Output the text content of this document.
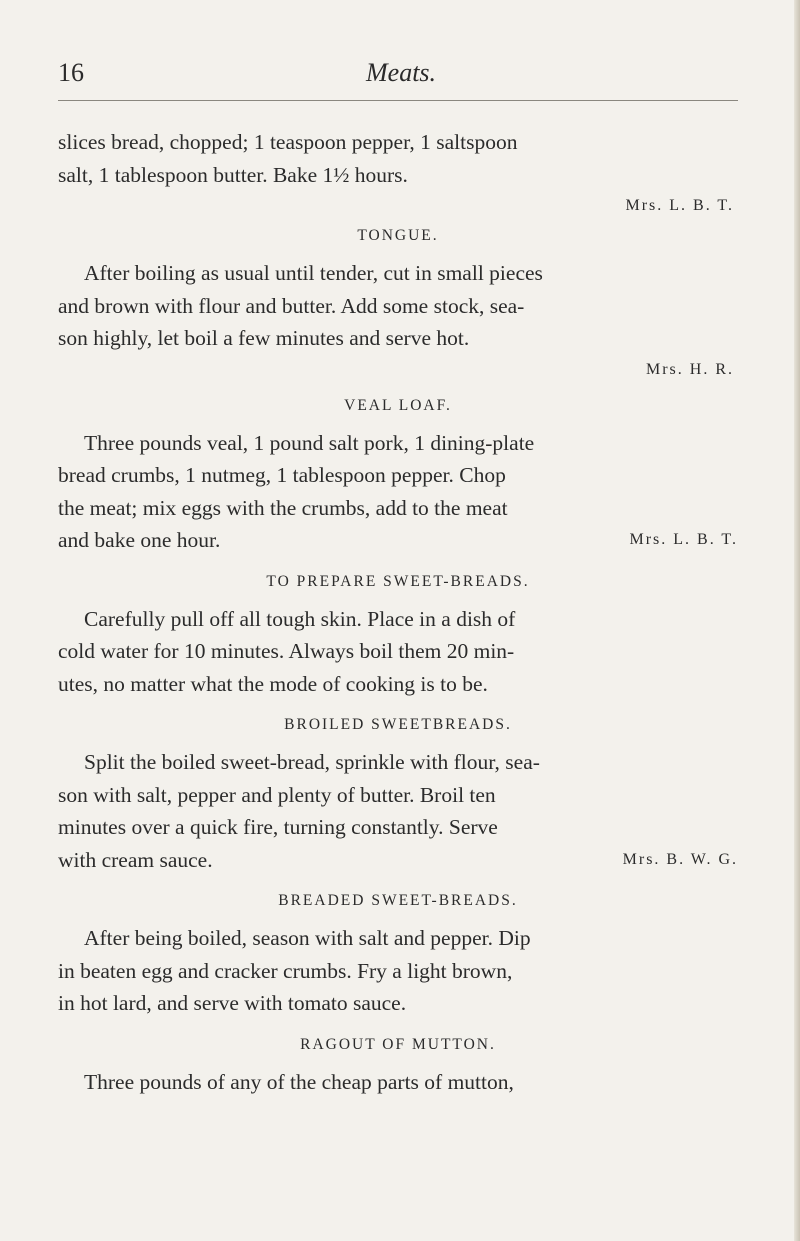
16	Meats.

slices bread, chopped; 1 teaspoon pepper, 1 saltspoon

salt, 1 tablespoon butter. Bake 1½ hours.

Mrs. L. B. T.

TONGUE.

After boiling as usual until tender, cut in small pieces

and brown with flour and butter. Add some stock, sea-

son highly, let boil a few minutes and serve hot.

Mrs. H. R.

VEAL LOAF.

Three pounds veal, 1 pound salt pork, 1 dining-plate

bread crumbs, 1 nutmeg, 1 tablespoon pepper. Chop

the meat; mix eggs with the crumbs, add to the meat

and bake one hour.	Mrs. L. B. T.

TO PREPARE SWEET-BREADS.

Carefully pull off all tough skin. Place in a dish of

cold water for 10 minutes. Always boil them 20 min-

utes, no matter what the mode of cooking is to be.

BROILED SWEETBREADS.

Split the boiled sweet-bread, sprinkle with flour, sea-

son with salt, pepper and plenty of butter. Broil ten

minutes over a quick fire, turning constantly. Serve

with cream sauce.	Mrs. B. W. G.

BREADED SWEET-BREADS.

After being boiled, season with salt and pepper. Dip

in beaten egg and cracker crumbs. Fry a light brown,

in hot lard, and serve with tomato sauce.

RAGOUT OF MUTTON.

Three pounds of any of the cheap parts of mutton,
